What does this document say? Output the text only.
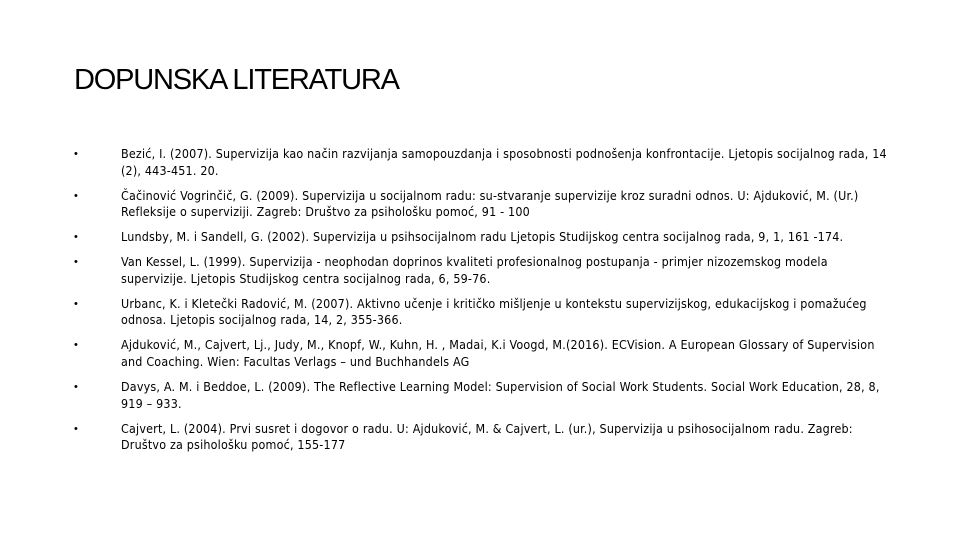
DOPUNSKA LITERATURA
•	Bezić, I. (2007). Supervizija kao način razvijanja samopouzdanja i sposobnosti podnošenja konfrontacije. Ljetopis socijalnog rada, 14 (2), 443-451. 20.
•	Čačinović Vogrinčič, G. (2009). Supervizija u socijalnom radu: su-stvaranje supervizije kroz suradni odnos. U: Ajduković, M. (Ur.) Refleksije o superviziji. Zagreb: Društvo za psihološku pomoć, 91 - 100
•	Lundsby, M. i Sandell, G. (2002). Supervizija u psihsocijalnom radu Ljetopis Studijskog centra socijalnog rada, 9, 1, 161 -174.
•	Van Kessel, L. (1999). Supervizija - neophodan doprinos kvaliteti profesionalnog postupanja - primjer nizozemskog modela supervizije. Ljetopis Studijskog centra socijalnog rada, 6, 59-76.
•	Urbanc, K. i Kletečki Radović, M. (2007). Aktivno učenje i kritičko mišljenje u kontekstu supervizijskog, edukacijskog i pomažućeg odnosa. Ljetopis socijalnog rada, 14, 2, 355-366.
•	Ajduković, M., Cajvert, Lj., Judy, M., Knopf, W., Kuhn, H. , Madai, K.i Voogd, M.(2016). ECVision. A European Glossary of Supervision and Coaching. Wien: Facultas Verlags – und Buchhandels AG
•	Davys, A. M. i Beddoe, L. (2009). The Reflective Learning Model: Supervision of Social Work Students. Social Work Education, 28, 8, 919 – 933.
•	Cajvert, L. (2004). Prvi susret i dogovor o radu. U: Ajduković, M. & Cajvert, L. (ur.), Supervizija u psihosocijalnom radu. Zagreb: Društvo za psihološku pomoć, 155-177
